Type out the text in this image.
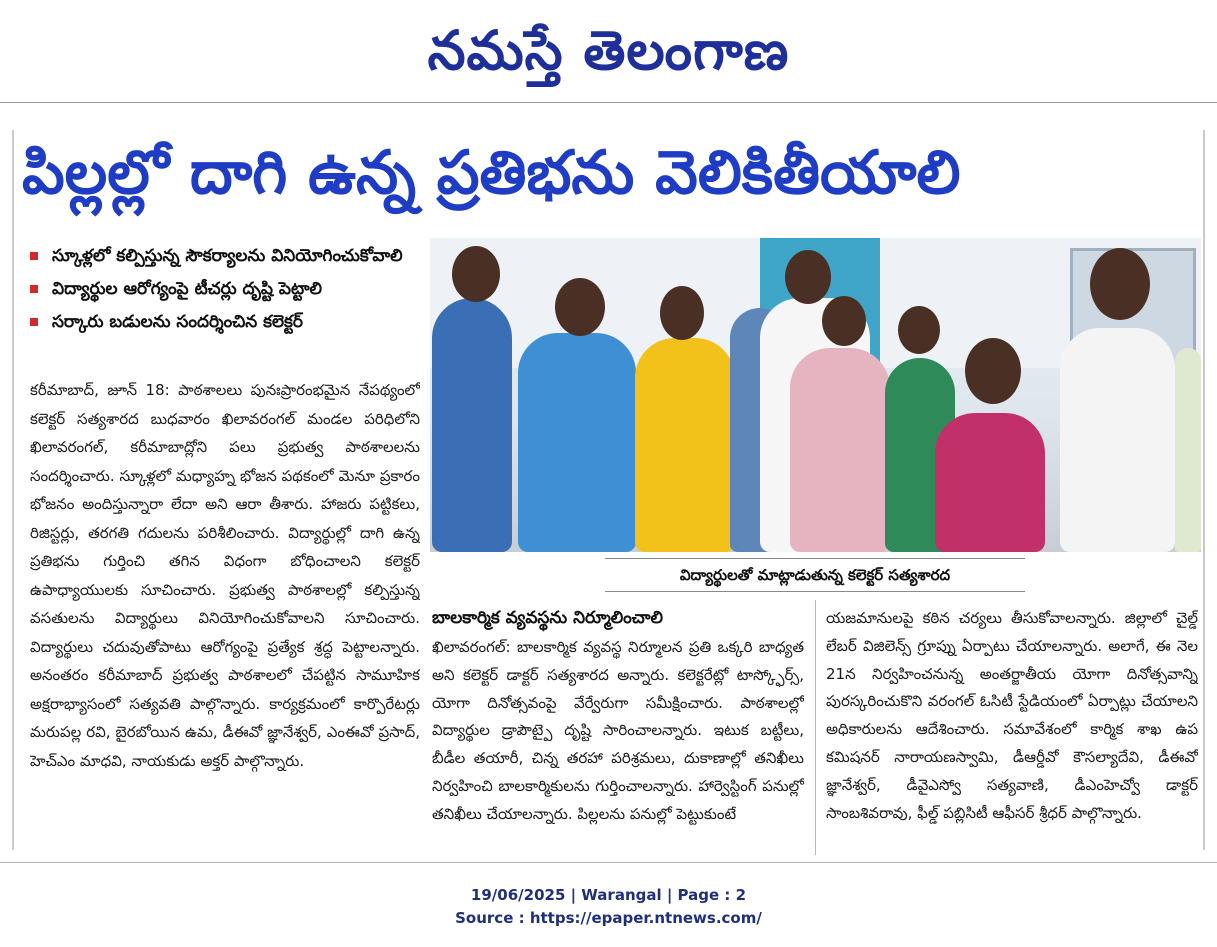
నమస్తే తెలంగాణ
పిల్లల్లో దాగి ఉన్న ప్రతిభను వెలికితీయాలి
స్కూళ్లలో కల్పిస్తున్న సౌకర్యాలను వినియోగించుకోవాలి
విద్యార్థుల ఆరోగ్యంపై టీచర్లు దృష్టి పెట్టాలి
సర్కారు బడులను సందర్శించిన కలెక్టర్
కరీమాబాద్, జూన్ 18: పాఠశాలలు పునఃప్రారంభమైన నేపథ్యంలో కలెక్టర్ సత్యశారద బుధవారం ఖిలావరంగల్ మండల పరిధిలోని ఖిలావరంగల్, కరీమాబాద్లోని పలు ప్రభుత్వ పాఠశాలలను సందర్శించారు. స్కూళ్లలో మధ్యాహ్న భోజన పథకంలో మెనూ ప్రకారం భోజనం అందిస్తున్నారా లేదా అని ఆరా తీశారు. హాజరు పట్టికలు, రిజిస్టర్లు, తరగతి గదులను పరిశీలించారు. విద్యార్థుల్లో దాగి ఉన్న ప్రతిభను గుర్తించి తగిన విధంగా బోధించాలని కలెక్టర్ ఉపాధ్యాయులకు సూచించారు. ప్రభుత్వ పాఠశాలల్లో కల్పిస్తున్న వసతులను విద్యార్థులు వినియోగించుకోవాలని సూచించారు. విద్యార్థులు చదువుతోపాటు ఆరోగ్యంపై ప్రత్యేక శ్రద్ధ పెట్టాలన్నారు. అనంతరం కరీమాబాద్ ప్రభుత్వ పాఠశాలలో చేపట్టిన సామూహిక అక్షరాభ్యాసంలో సత్యవతి పాల్గొన్నారు. కార్యక్రమంలో కార్పొరేటర్లు మరుపల్ల రవి, బైరబోయిన ఉమ, డీఈవో జ్ఞానేశ్వర్, ఎంఈవో ప్రసాద్, హెచ్ఎం మాధవి, నాయకుడు అక్తర్ పాల్గొన్నారు.
విద్యార్థులతో మాట్లాడుతున్న కలెక్టర్ సత్యశారద
బాలకార్మిక వ్యవస్థను నిర్మూలించాలి
ఖిలావరంగల్: బాలకార్మిక వ్యవస్థ నిర్మూలన ప్రతి ఒక్కరి బాధ్యత అని కలెక్టర్ డాక్టర్ సత్యశారద అన్నారు. కలెక్టరేట్లో టాస్క్ఫోర్స్, యోగా దినోత్సవంపై వేర్వేరుగా సమీక్షించారు. పాఠశాలల్లో విద్యార్థుల డ్రాపౌట్పై దృష్టి సారించాలన్నారు. ఇటుక బట్టీలు, బీడీల తయారీ, చిన్న తరహా పరిశ్రమలు, దుకాణాల్లో తనిఖీలు నిర్వహించి బాలకార్మికులను గుర్తించాలన్నారు. హార్వెస్టింగ్ పనుల్లో తనిఖీలు చేయాలన్నారు. పిల్లలను పనుల్లో పెట్టుకుంటే
యజమానులపై కఠిన చర్యలు తీసుకోవాలన్నారు. జిల్లాలో చైల్డ్ లేబర్ విజిలెన్స్ గ్రూప్ను ఏర్పాటు చేయాలన్నారు. అలాగే, ఈ నెల 21న నిర్వహించనున్న అంతర్జాతీయ యోగా దినోత్సవాన్ని పురస్కరించుకొని వరంగల్ ఓసిటీ స్టేడియంలో ఏర్పాట్లు చేయాలని అధికారులను ఆదేశించారు. సమావేశంలో కార్మిక శాఖ ఉప కమిషనర్ నారాయణస్వామి, డీఆర్డీవో కౌసల్యాదేవి, డీఈవో జ్ఞానేశ్వర్, డీవైఎస్వో సత్యవాణి, డీఎంహెచ్వో డాక్టర్ సాంబశివరావు, ఫీల్డ్ పబ్లిసిటీ ఆఫీసర్ శ్రీధర్ పాల్గొన్నారు.
19/06/2025 | Warangal | Page : 2
Source : https://epaper.ntnews.com/
